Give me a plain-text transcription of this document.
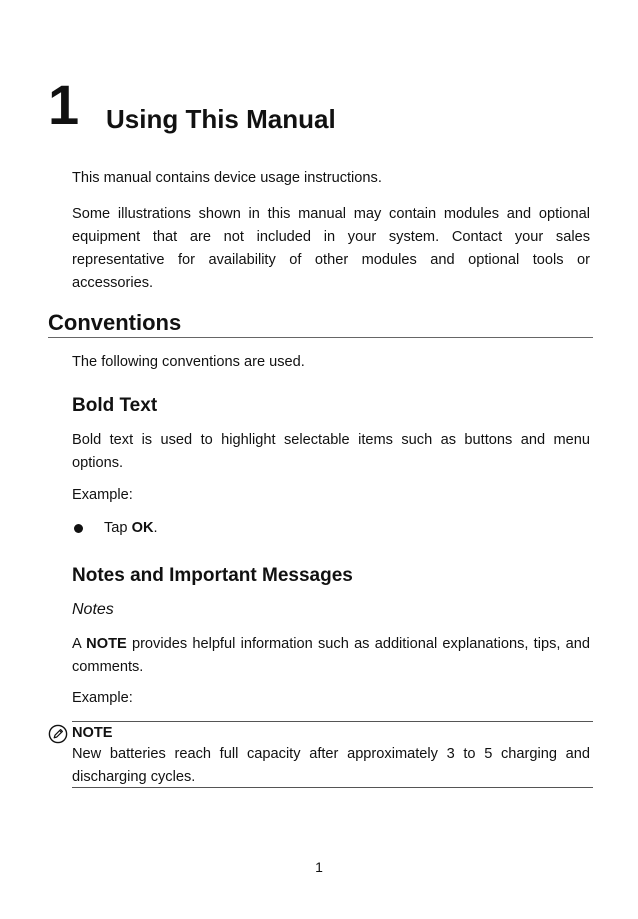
1 Using This Manual

This manual contains device usage instructions.

Some illustrations shown in this manual may contain modules and optional equipment that are not included in your system. Contact your sales representative for availability of other modules and optional tools or accessories.

Conventions

The following conventions are used.

Bold Text

Bold text is used to highlight selectable items such as buttons and menu options.

Example:

Tap OK.
Notes and Important Messages
Notes

A NOTE provides helpful information such as additional explanations, tips, and comments.

Example:

NOTE

New batteries reach full capacity after approximately 3 to 5 charging and discharging cycles.

1
